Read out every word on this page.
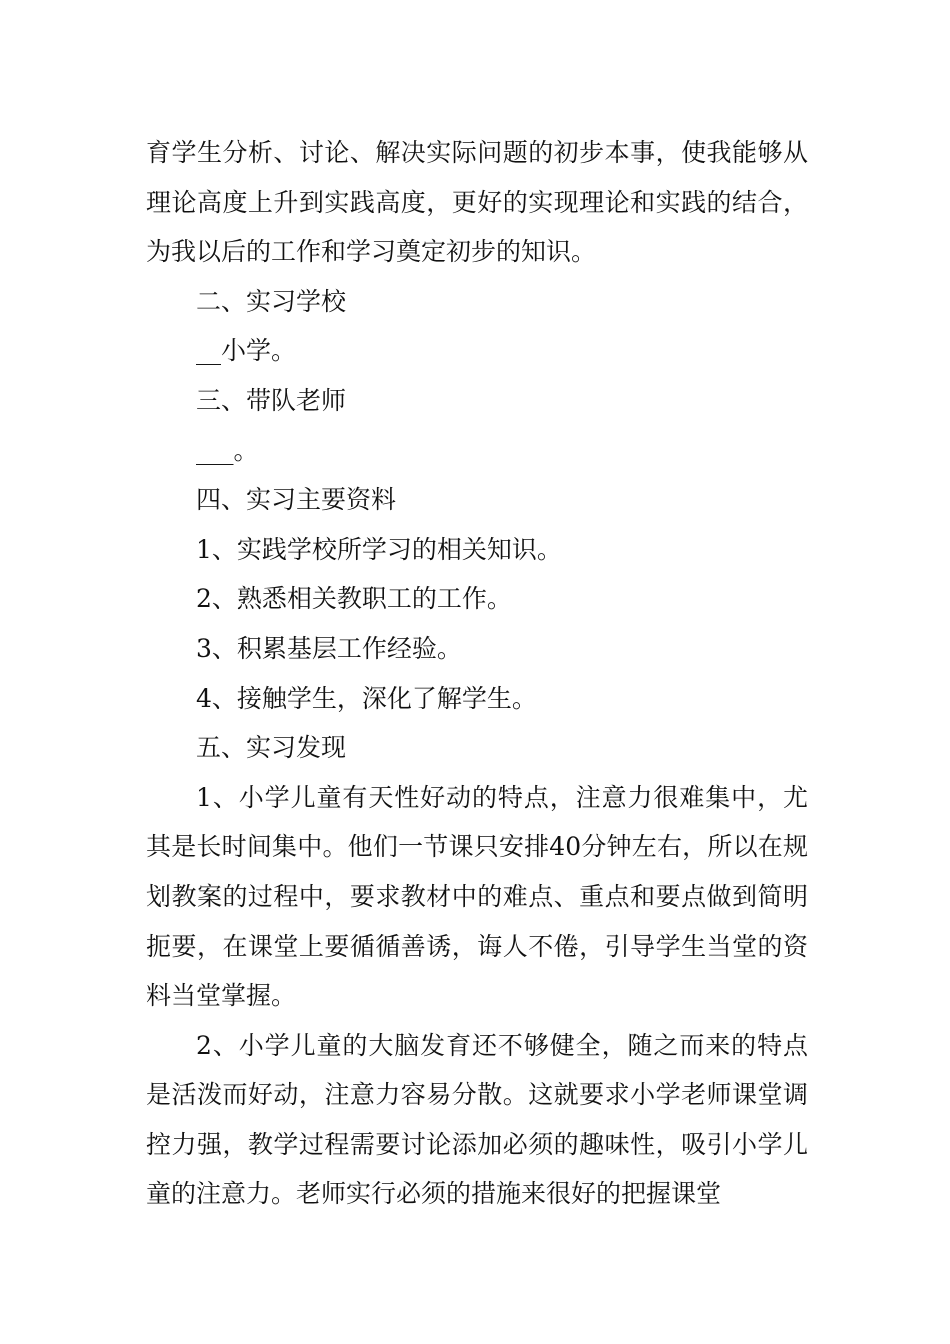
育学生分析、讨论、解决实际问题的初步本事，使我能够从理论高度上升到实践高度，更好的实现理论和实践的结合，为我以后的工作和学习奠定初步的知识。

二、实习学校

__小学。

三、带队老师

___。

四、实习主要资料

1、实践学校所学习的相关知识。

2、熟悉相关教职工的工作。

3、积累基层工作经验。

4、接触学生，深化了解学生。

五、实习发现

1、小学儿童有天性好动的特点，注意力很难集中，尤其是长时间集中。他们一节课只安排40分钟左右，所以在规划教案的过程中，要求教材中的难点、重点和要点做到简明扼要，在课堂上要循循善诱，诲人不倦，引导学生当堂的资料当堂掌握。

2、小学儿童的大脑发育还不够健全，随之而来的特点是活泼而好动，注意力容易分散。这就要求小学老师课堂调控力强，教学过程需要讨论添加必须的趣味性，吸引小学儿童的注意力。老师实行必须的措施来很好的把握课堂
